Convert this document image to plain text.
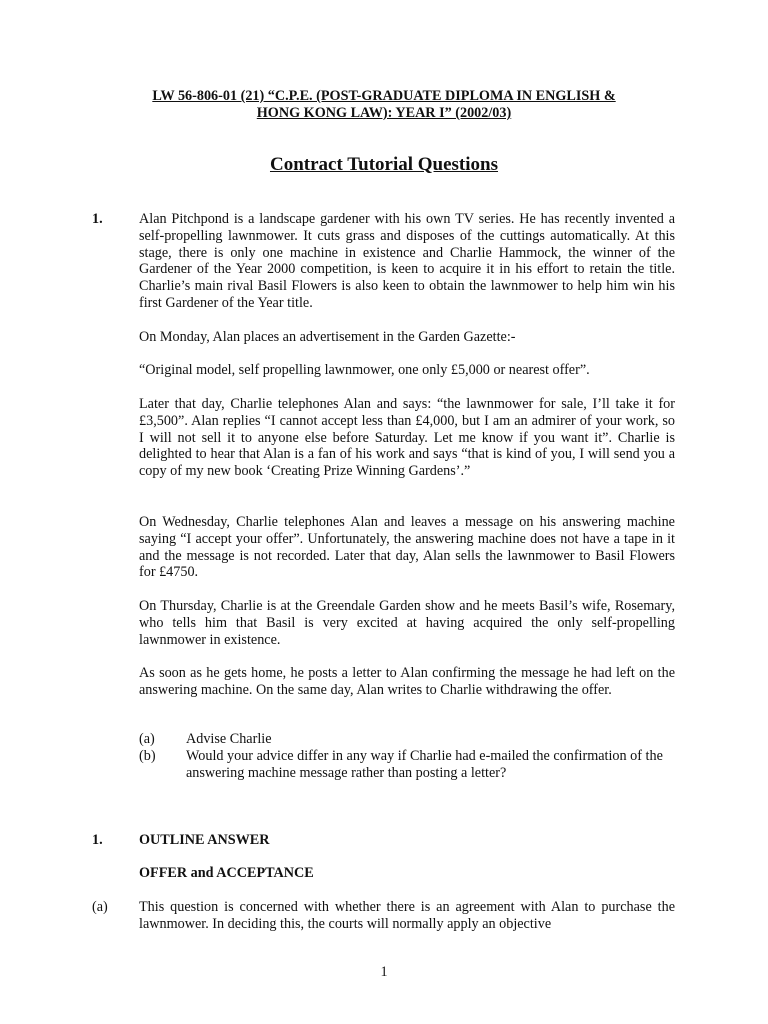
LW 56-806-01 (21) “C.P.E. (POST-GRADUATE DIPLOMA IN ENGLISH &
HONG KONG LAW): YEAR I” (2002/03)
Contract Tutorial Questions
1.	Alan Pitchpond is a landscape gardener with his own TV series. He has recently invented a self-propelling lawnmower. It cuts grass and disposes of the cuttings automatically. At this stage, there is only one machine in existence and Charlie Hammock, the winner of the Gardener of the Year 2000 competition, is keen to acquire it in his effort to retain the title. Charlie’s main rival Basil Flowers is also keen to obtain the lawnmower to help him win his first Gardener of the Year title.

On Monday, Alan places an advertisement in the Garden Gazette:-

“Original model, self propelling lawnmower, one only £5,000 or nearest offer”.

Later that day, Charlie telephones Alan and says: “the lawnmower for sale, I’ll take it for £3,500”. Alan replies “I cannot accept less than £4,000, but I am an admirer of your work, so I will not sell it to anyone else before Saturday. Let me know if you want it”. Charlie is delighted to hear that Alan is a fan of his work and says “that is kind of you, I will send you a copy of my new book ‘Creating Prize Winning Gardens’.”

On Wednesday, Charlie telephones Alan and leaves a message on his answering machine saying “I accept your offer”. Unfortunately, the answering machine does not have a tape in it and the message is not recorded. Later that day, Alan sells the lawnmower to Basil Flowers for £4750.

On Thursday, Charlie is at the Greendale Garden show and he meets Basil’s wife, Rosemary, who tells him that Basil is very excited at having acquired the only self-propelling lawnmower in existence.

As soon as he gets home, he posts a letter to Alan confirming the message he had left on the answering machine. On the same day, Alan writes to Charlie withdrawing the offer.

(a) Advise Charlie
(b) Would your advice differ in any way if Charlie had e-mailed the confirmation of the answering machine message rather than posting a letter?
1.	OUTLINE ANSWER
OFFER and ACCEPTANCE
(a) This question is concerned with whether there is an agreement with Alan to purchase the lawnmower. In deciding this, the courts will normally apply an objective

1
